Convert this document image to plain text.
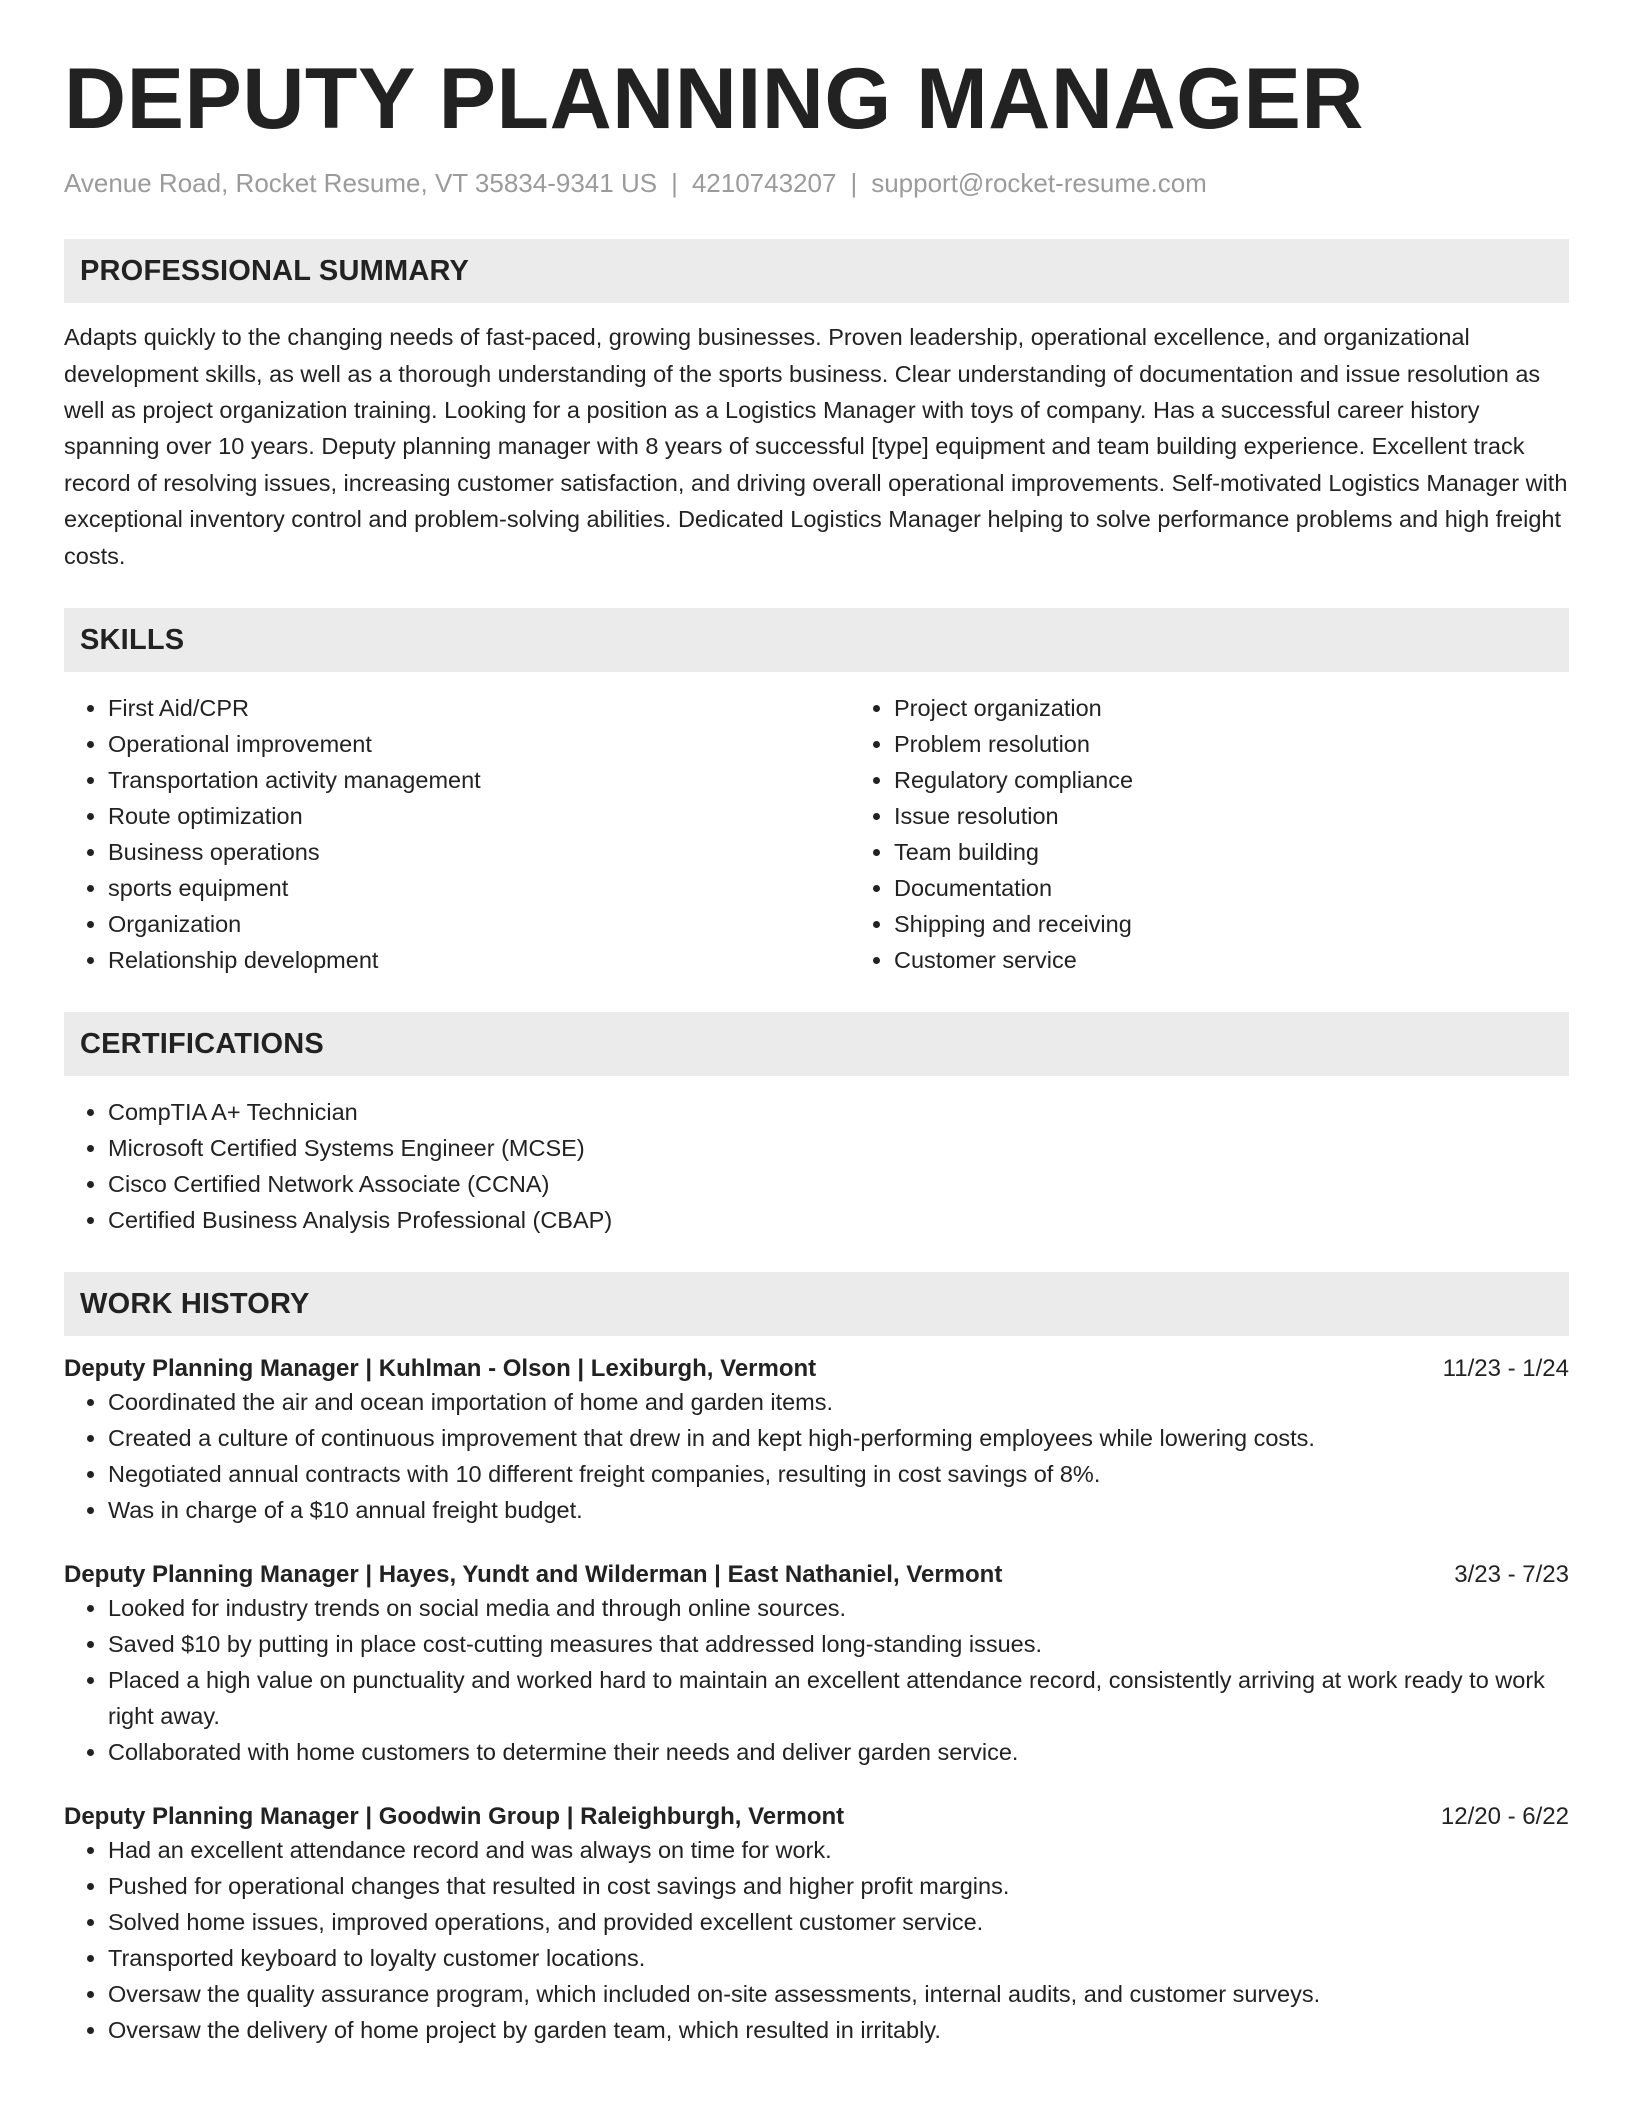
DEPUTY PLANNING MANAGER
Avenue Road, Rocket Resume, VT 35834-9341 US | 4210743207 | support@rocket-resume.com
PROFESSIONAL SUMMARY

Adapts quickly to the changing needs of fast-paced, growing businesses. Proven leadership, operational excellence, and organizational development skills, as well as a thorough understanding of the sports business. Clear understanding of documentation and issue resolution as well as project organization training. Looking for a position as a Logistics Manager with toys of company. Has a successful career history spanning over 10 years. Deputy planning manager with 8 years of successful [type] equipment and team building experience. Excellent track record of resolving issues, increasing customer satisfaction, and driving overall operational improvements. Self-motivated Logistics Manager with exceptional inventory control and problem-solving abilities. Dedicated Logistics Manager helping to solve performance problems and high freight costs.

SKILLS
• First Aid/CPR
• Operational improvement
• Transportation activity management
• Route optimization
• Business operations
• sports equipment
• Organization
• Relationship development
• Project organization
• Problem resolution
• Regulatory compliance
• Issue resolution
• Team building
• Documentation
• Shipping and receiving
• Customer service
CERTIFICATIONS
• CompTIA A+ Technician
• Microsoft Certified Systems Engineer (MCSE)
• Cisco Certified Network Associate (CCNA)
• Certified Business Analysis Professional (CBAP)
WORK HISTORY
Deputy Planning Manager | Kuhlman - Olson | Lexiburgh, Vermont	11/23 - 1/24
• Coordinated the air and ocean importation of home and garden items.
• Created a culture of continuous improvement that drew in and kept high-performing employees while lowering costs.
• Negotiated annual contracts with 10 different freight companies, resulting in cost savings of 8%.
• Was in charge of a $10 annual freight budget.
Deputy Planning Manager | Hayes, Yundt and Wilderman | East Nathaniel, Vermont	3/23 - 7/23
• Looked for industry trends on social media and through online sources.
• Saved $10 by putting in place cost-cutting measures that addressed long-standing issues.
• Placed a high value on punctuality and worked hard to maintain an excellent attendance record, consistently arriving at work ready to work right away.
• Collaborated with home customers to determine their needs and deliver garden service.
Deputy Planning Manager | Goodwin Group | Raleighburgh, Vermont	12/20 - 6/22
• Had an excellent attendance record and was always on time for work.
• Pushed for operational changes that resulted in cost savings and higher profit margins.
• Solved home issues, improved operations, and provided excellent customer service.
• Transported keyboard to loyalty customer locations.
• Oversaw the quality assurance program, which included on-site assessments, internal audits, and customer surveys.
• Oversaw the delivery of home project by garden team, which resulted in irritably.
